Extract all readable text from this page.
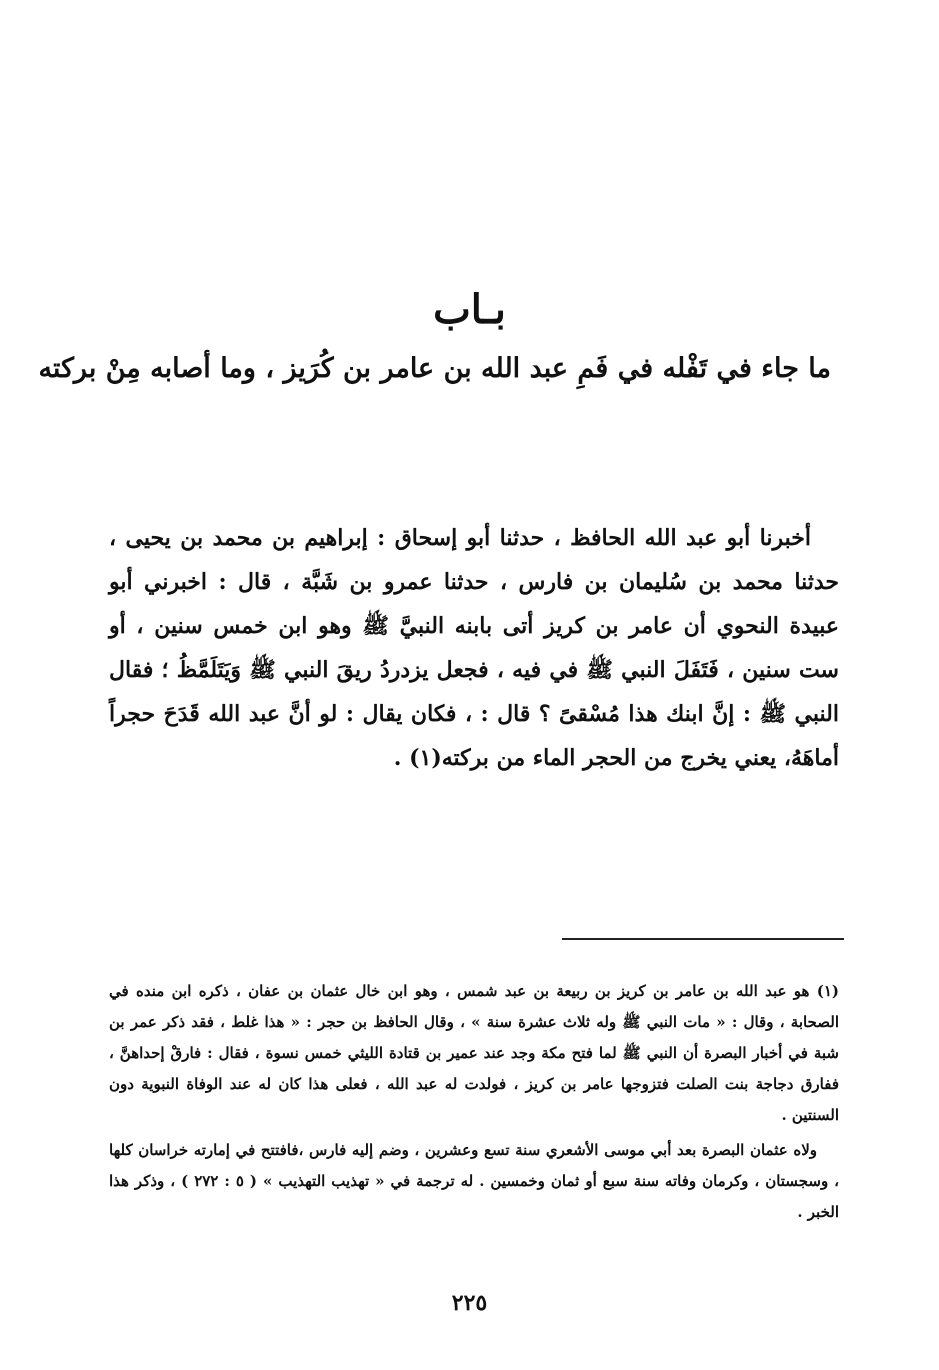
بـاب
ما جاء في تَفْله في فَمِ عبد الله بن عامر بن كُرَيز ، وما أصابه مِنْ بركته

أخبرنا أبو عبد الله الحافظ ، حدثنا أبو إسحاق : إبراهيم بن محمد بن يحيى ، حدثنا محمد بن سُليمان بن فارس ، حدثنا عمرو بن شَبَّة ، قال : اخبرني أبو عبيدة النحوي أن عامر بن كريز أتى بابنه النبيَّ ﷺ وهو ابن خمس سنين ، أو ست سنين ، فَتَفَلَ النبي ﷺ في فيه ، فجعل يزدردُ ريقَ النبي ﷺ وَيَتَلَمَّظُ ؛ فقال النبي ﷺ : إنَّ ابنك هذا مُسْقىً ؟ قال : ، فكان يقال : لو أنَّ عبد الله قَدَحَ حجراً أماهَهُ، يعني يخرج من الحجر الماء من بركته(١) .

(١) هو عبد الله بن عامر بن كريز بن ربيعة بن عبد شمس ، وهو ابن خال عثمان بن عفان ، ذكره ابن منده في الصحابة ، وقال : « مات النبي ﷺ وله ثلاث عشرة سنة » ، وقال الحافظ بن حجر : « هذا غلط ، فقد ذكر عمر بن شبة في أخبار البصرة أن النبي ﷺ لما فتح مكة وجد عند عمير بن قتادة الليثي خمس نسوة ، فقال : فارقْ إحداهنَّ ، ففارق دجاجة بنت الصلت فتزوجها عامر بن كريز ، فولدت له عبد الله ، فعلى هذا كان له عند الوفاة النبوية دون السنتين .

ولاه عثمان البصرة بعد أبي موسى الأشعري سنة تسع وعشرين ، وضم إليه فارس ،فافتتح في إمارته خراسان كلها ، وسجستان ، وكرمان وفاته سنة سبع أو ثمان وخمسين . له ترجمة في « تهذيب التهذيب » ( ٥ : ٢٧٢ ) ، وذكر هذا الخبر .

٢٢٥
